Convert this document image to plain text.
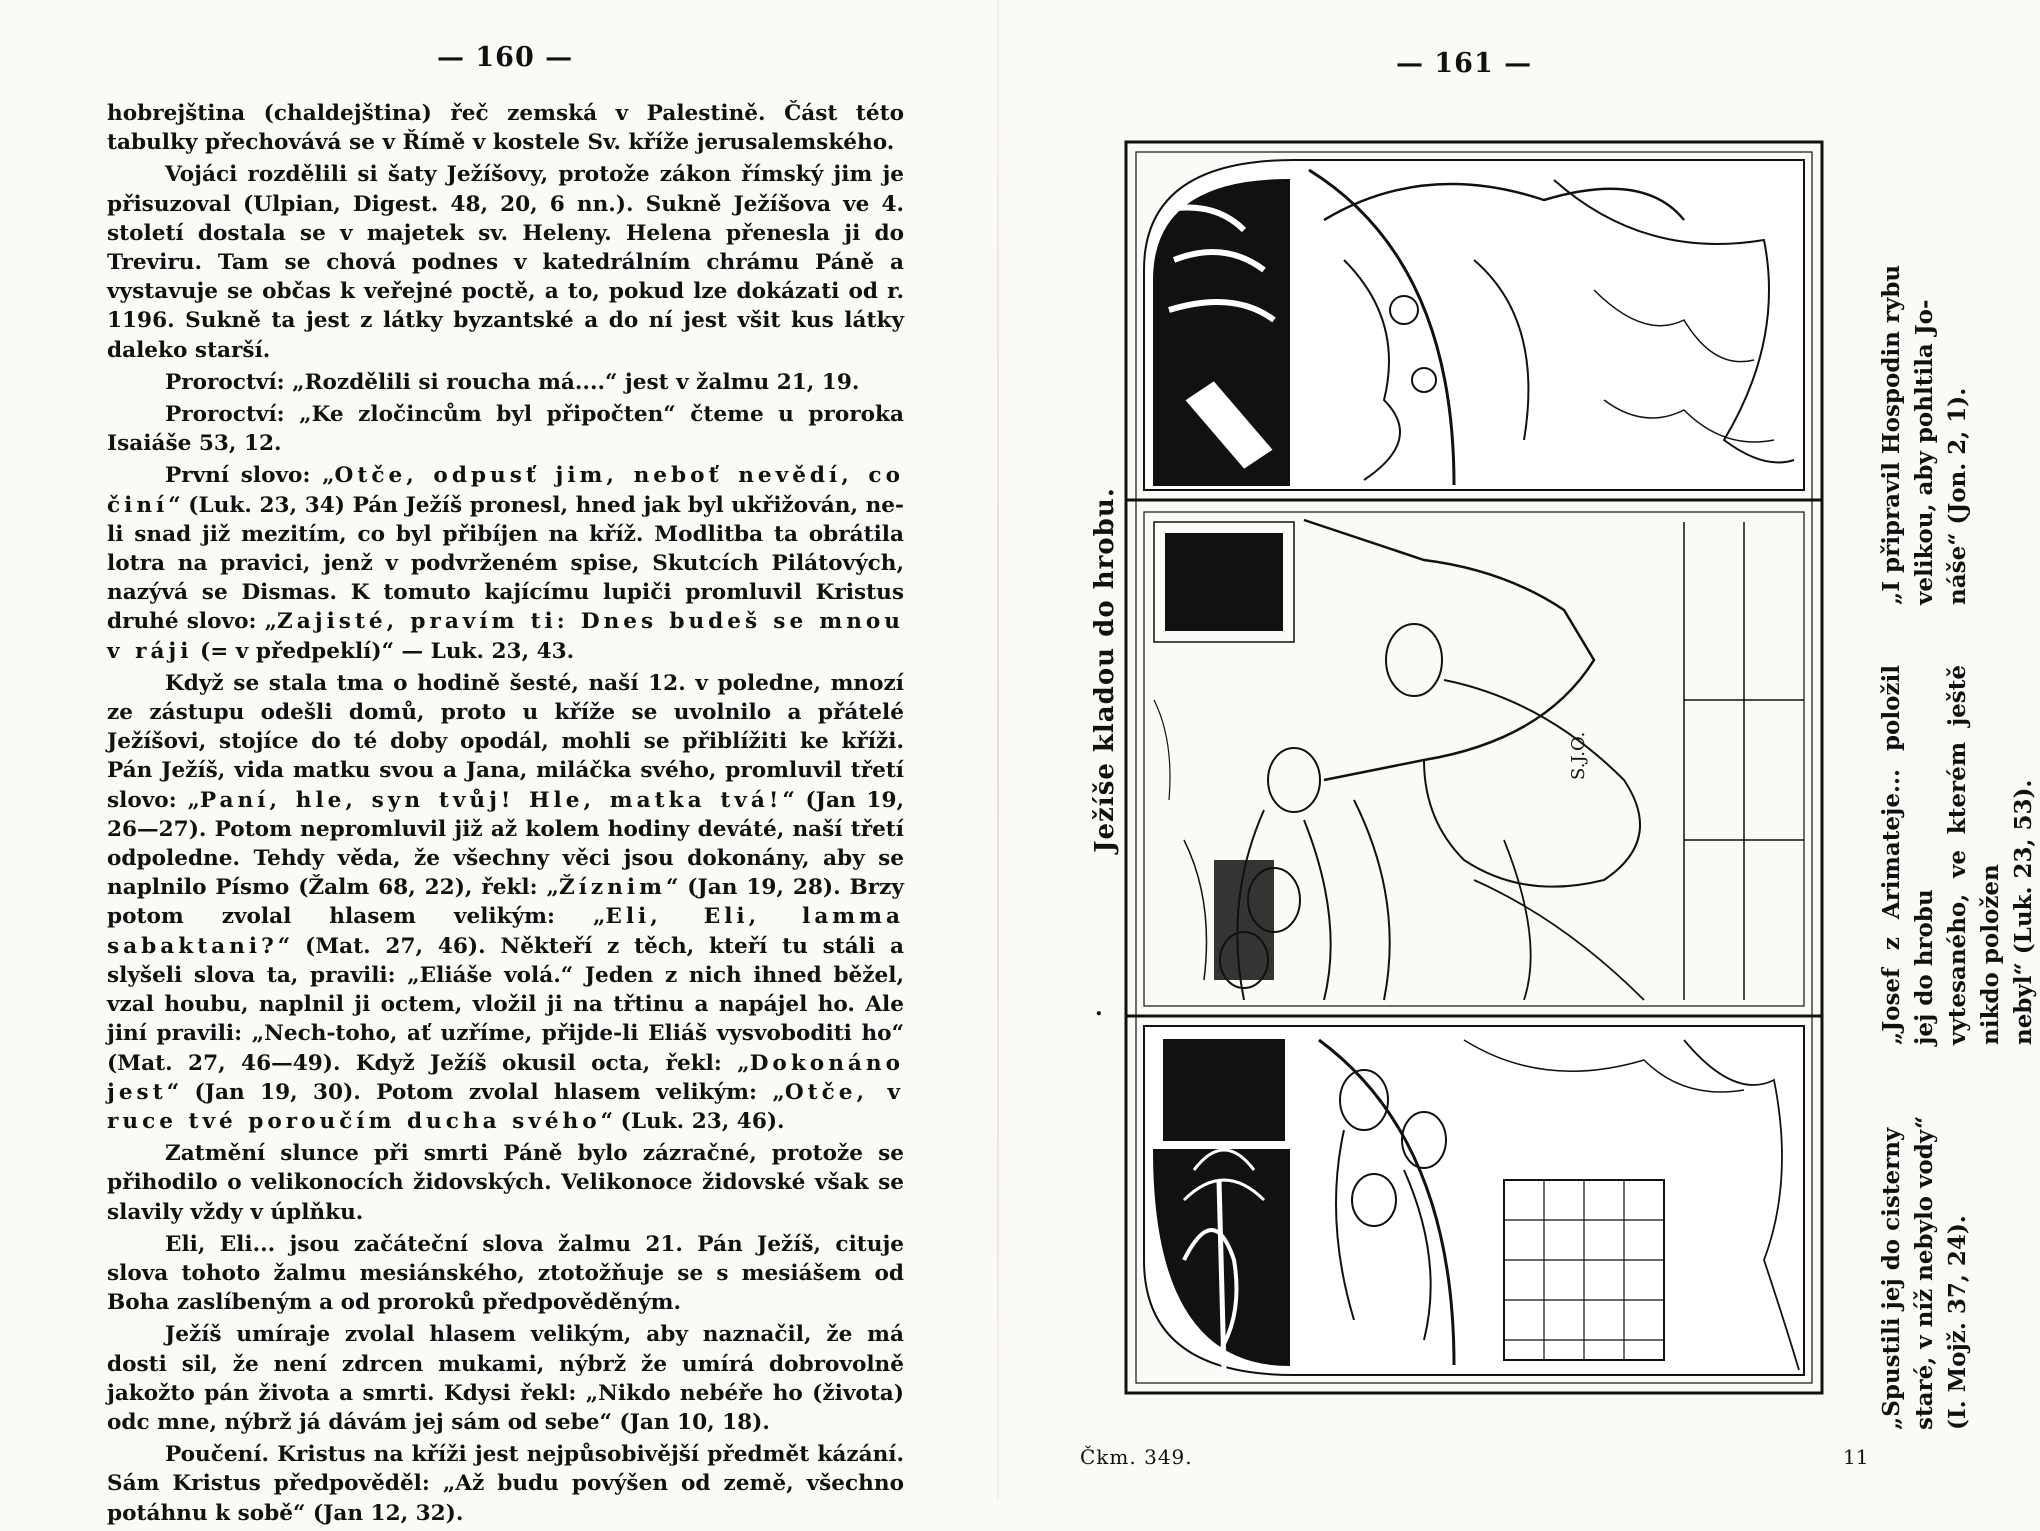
— 160 —

hobrejština (chaldejština) řeč zemská v Palestině. Část této tabulky přechovává se v Římě v kostele Sv. kříže jerusalemského.

Vojáci rozdělili si šaty Ježíšovy, protože zákon římský jim je přisuzoval (Ulpian, Digest. 48, 20, 6 nn.). Sukně Ježíšova ve 4. století dostala se v majetek sv. Heleny. Helena přenesla ji do Treviru. Tam se chová podnes v katedrálním chrámu Páně a vystavuje se občas k veřejné poctě, a to, pokud lze dokázati od r. 1196. Sukně ta jest z látky byzantské a do ní jest všit kus látky daleko starší.

Proroctví: „Rozdělili si roucha má....“ jest v žalmu 21, 19.

Proroctví: „Ke zločincům byl připočten“ čteme u proroka Isaiáše 53, 12.

První slovo: „Otče, odpusť jim, neboť nevědí, co činí“ (Luk. 23, 34) Pán Ježíš pronesl, hned jak byl ukřižován, ne-li snad již mezitím, co byl přibíjen na kříž. Modlitba ta obrátila lotra na pravici, jenž v podvrženém spise, Skutcích Pilátových, nazývá se Dismas. K tomuto kajícímu lupiči promluvil Kristus druhé slovo: „Zajisté, pravím ti: Dnes budeš se mnou v ráji (= v předpeklí)“ — Luk. 23, 43.

Když se stala tma o hodině šesté, naší 12. v poledne, mnozí ze zástupu odešli domů, proto u kříže se uvolnilo a přátelé Ježíšovi, stojíce do té doby opodál, mohli se přiblížiti ke kříži. Pán Ježíš, vida matku svou a Jana, miláčka svého, promluvil třetí slovo: „Paní, hle, syn tvůj! Hle, matka tvá!“ (Jan 19, 26—27). Potom nepromluvil již až kolem hodiny deváté, naší třetí odpoledne. Tehdy věda, že všechny věci jsou dokonány, aby se naplnilo Písmo (Žalm 68, 22), řekl: „Žíznim“ (Jan 19, 28). Brzy potom zvolal hlasem velikým: „Eli, Eli, lamma sabaktani?“ (Mat. 27, 46). Někteří z těch, kteří tu stáli a slyšeli slova ta, pravili: „Eliáše volá.“ Jeden z nich ihned běžel, vzal houbu, naplnil ji octem, vložil ji na třtinu a napájel ho. Ale jiní pravili: „Nech-toho, ať uzříme, přijde-li Eliáš vysvoboditi ho“ (Mat. 27, 46—49). Když Ježíš okusil octa, řekl: „Dokonáno jest“ (Jan 19, 30). Potom zvolal hlasem velikým: „Otče, v ruce tvé poroučím ducha svého“ (Luk. 23, 46).

Zatmění slunce při smrti Páně bylo zázračné, protože se přihodilo o velikonocích židovských. Velikonoce židovské však se slavily vždy v úplňku.

Eli, Eli... jsou začáteční slova žalmu 21. Pán Ježíš, cituje slova tohoto žalmu mesiánského, ztotožňuje se s mesiášem od Boha zaslíbeným a od proroků předpověděným.

Ježíš umíraje zvolal hlasem velikým, aby naznačil, že má dosti sil, že není zdrcen mukami, nýbrž že umírá dobrovolně jakožto pán života a smrti. Kdysi řekl: „Nikdo nebéře ho (života) odc mne, nýbrž já dávám jej sám od sebe“ (Jan 10, 18).

Poučení. Kristus na kříži jest nejpůsobivější předmět kázání. Sám Kristus předpověděl: „Až budu povýšen od země, všechno potáhnu k sobě“ (Jan 12, 32).

— 161 —
Ježíše kladou do hrobu.
.
S.J.O.
„Spustili jej do cisterny staré, v níž nebylo vody“ (I. Mojž. 37, 24).
„Josef z Arimateje... položil jej do hrobu vytesaného, ve kterém ještě nikdo položen nebyl“ (Luk. 23, 53).
„I připravil Hospodin rybu velikou, aby pohltila Jo- náše“ (Jon. 2, 1).
Čkm. 349.	11
